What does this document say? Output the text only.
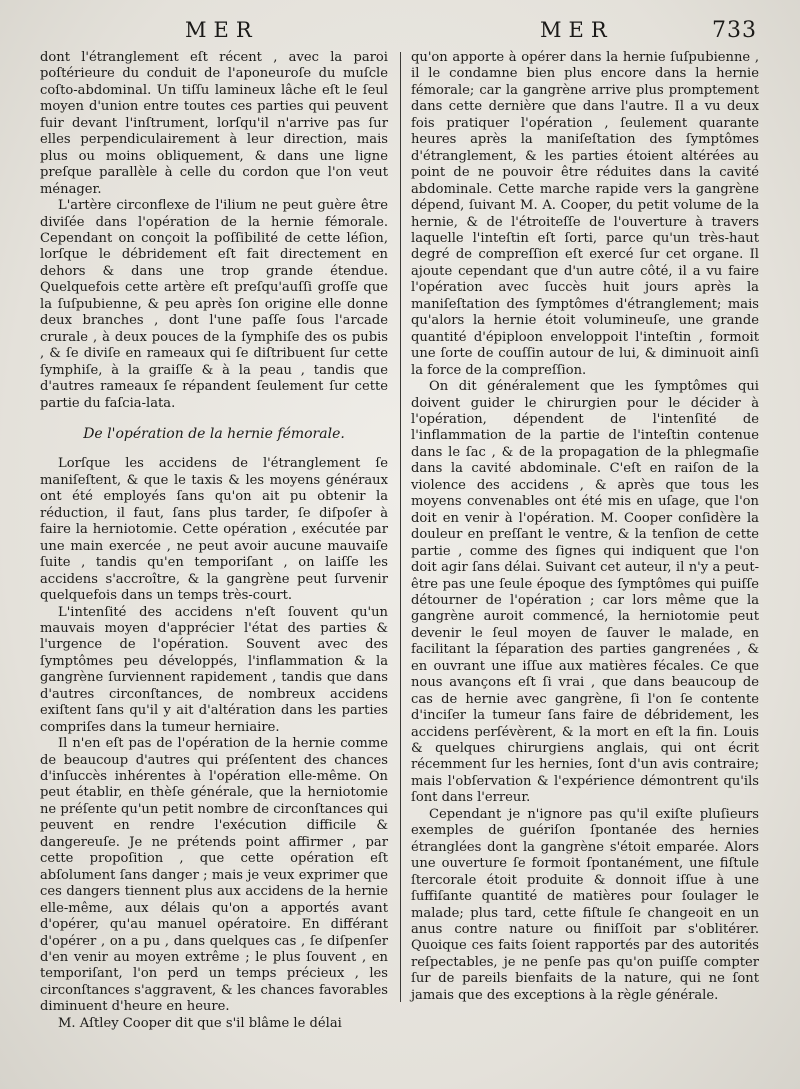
MER	MER	733

dont l'étranglement eſt récent , avec la paroi poſtérieure du conduit de l'aponeuroſe du muſcle coſto-abdominal. Un tiſſu lamineux lâche eſt le ſeul moyen d'union entre toutes ces parties qui peuvent fuir devant l'inſtrument, lorſqu'il n'arrive pas ſur elles perpendiculairement à leur direction, mais plus ou moins obliquement, & dans une ligne preſque parallèle à celle du cordon que l'on veut ménager.

L'artère circonflexe de l'ilium ne peut guère être diviſée dans l'opération de la hernie fémorale. Cependant on conçoit la poſſibilité de cette léſion, lorſque le débridement eſt fait directement en dehors & dans une trop grande étendue. Quelquefois cette artère eſt preſqu'auſſi groſſe que la ſuſpubienne, & peu après ſon origine elle donne deux branches , dont l'une paſſe ſous l'arcade crurale , à deux pouces de la ſymphiſe des os pubis , & ſe diviſe en rameaux qui ſe diſtribuent ſur cette ſymphiſe, à la graiſſe & à la peau , tandis que d'autres rameaux ſe répandent ſeulement ſur cette partie du faſcia-lata.

De l'opération de la hernie fémorale.

Lorſque les accidens de l'étranglement ſe maniſeſtent, & que le taxis & les moyens généraux ont été employés ſans qu'on ait pu obtenir la réduction, il faut, ſans plus tarder, ſe diſpoſer à faire la herniotomie. Cette opération , exécutée par une main exercée , ne peut avoir aucune mauvaiſe ſuite , tandis qu'en temporiſant , on laiſſe les accidens s'accroître, & la gangrène peut ſurvenir quelquefois dans un temps très-court.

L'intenſité des accidens n'eſt ſouvent qu'un mauvais moyen d'apprécier l'état des parties & l'urgence de l'opération. Souvent avec des ſymptômes peu développés, l'inflammation & la gangrène ſurviennent rapidement , tandis que dans d'autres circonſtances, de nombreux accidens exiſtent ſans qu'il y ait d'altération dans les parties compriſes dans la tumeur herniaire.

Il n'en eſt pas de l'opération de la hernie comme de beaucoup d'autres qui préſentent des chances d'inſuccès inhérentes à l'opération elle-même. On peut établir, en thèſe générale, que la herniotomie ne préſente qu'un petit nombre de circonſtances qui peuvent en rendre l'exécution difficile & dangereuſe. Je ne prétends point affirmer , par cette propoſition , que cette opération eſt abſolument ſans danger ; mais je veux exprimer que ces dangers tiennent plus aux accidens de la hernie elle-même, aux délais qu'on a apportés avant d'opérer, qu'au manuel opératoire. En différant d'opérer , on a pu , dans quelques cas , ſe diſpenſer d'en venir au moyen extrême ; le plus ſouvent , en temporiſant, l'on perd un temps précieux , les circonſtances s'aggravent, & les chances favorables diminuent d'heure en heure.

M. Aſtley Cooper dit que s'il blâme le délai

qu'on apporte à opérer dans la hernie ſuſpubienne , il le condamne bien plus encore dans la hernie fémorale; car la gangrène arrive plus promptement dans cette dernière que dans l'autre. Il a vu deux fois pratiquer l'opération , ſeulement quarante heures après la maniſeſtation des ſymptômes d'étranglement, & les parties étoient altérées au point de ne pouvoir être réduites dans la cavité abdominale. Cette marche rapide vers la gangrène dépend, ſuivant M. A. Cooper, du petit volume de la hernie, & de l'étroiteſſe de l'ouverture à travers laquelle l'inteſtin eſt ſorti, parce qu'un très-haut degré de compreſſion eſt exercé ſur cet organe. Il ajoute cependant que d'un autre côté, il a vu faire l'opération avec ſuccès huit jours après la maniſeſtation des ſymptômes d'étranglement; mais qu'alors la hernie étoit volumineuſe, une grande quantité d'épiploon enveloppoit l'inteſtin , formoit une ſorte de couſſin autour de lui, & diminuoit ainſi la force de la compreſſion.

On dit généralement que les ſymptômes qui doivent guider le chirurgien pour le décider à l'opération, dépendent de l'intenſité de l'inflammation de la partie de l'inteſtin contenue dans le ſac , & de la propagation de la phlegmaſie dans la cavité abdominale. C'eſt en raiſon de la violence des accidens , & après que tous les moyens convenables ont été mis en uſage, que l'on doit en venir à l'opération. M. Cooper conſidère la douleur en preſſant le ventre, & la tenſion de cette partie , comme des ſignes qui indiquent que l'on doit agir ſans délai. Suivant cet auteur, il n'y a peut-être pas une ſeule époque des ſymptômes qui puiſſe détourner de l'opération ; car lors même que la gangrène auroit commencé, la herniotomie peut devenir le ſeul moyen de ſauver le malade, en facilitant la ſéparation des parties gangrenées , & en ouvrant une iſſue aux matières fécales. Ce que nous avançons eſt ſi vrai , que dans beaucoup de cas de hernie avec gangrène, ſi l'on ſe contente d'inciſer la tumeur ſans faire de débridement, les accidens perſévèrent, & la mort en eſt la fin. Louis & quelques chirurgiens anglais, qui ont écrit récemment ſur les hernies, ſont d'un avis contraire; mais l'obſervation & l'expérience démontrent qu'ils ſont dans l'erreur.

Cependant je n'ignore pas qu'il exiſte pluſieurs exemples de guériſon ſpontanée des hernies étranglées dont la gangrène s'étoit emparée. Alors une ouverture ſe formoit ſpontanément, une fiſtule ſtercorale étoit produite & donnoit iſſue à une ſuffiſante quantité de matières pour ſoulager le malade; plus tard, cette fiſtule ſe changeoit en un anus contre nature ou finiſſoit par s'oblitérer. Quoique ces faits ſoient rapportés par des autorités reſpectables, je ne penſe pas qu'on puiſſe compter ſur de pareils bienfaits de la nature, qui ne ſont jamais que des exceptions à la règle générale.
